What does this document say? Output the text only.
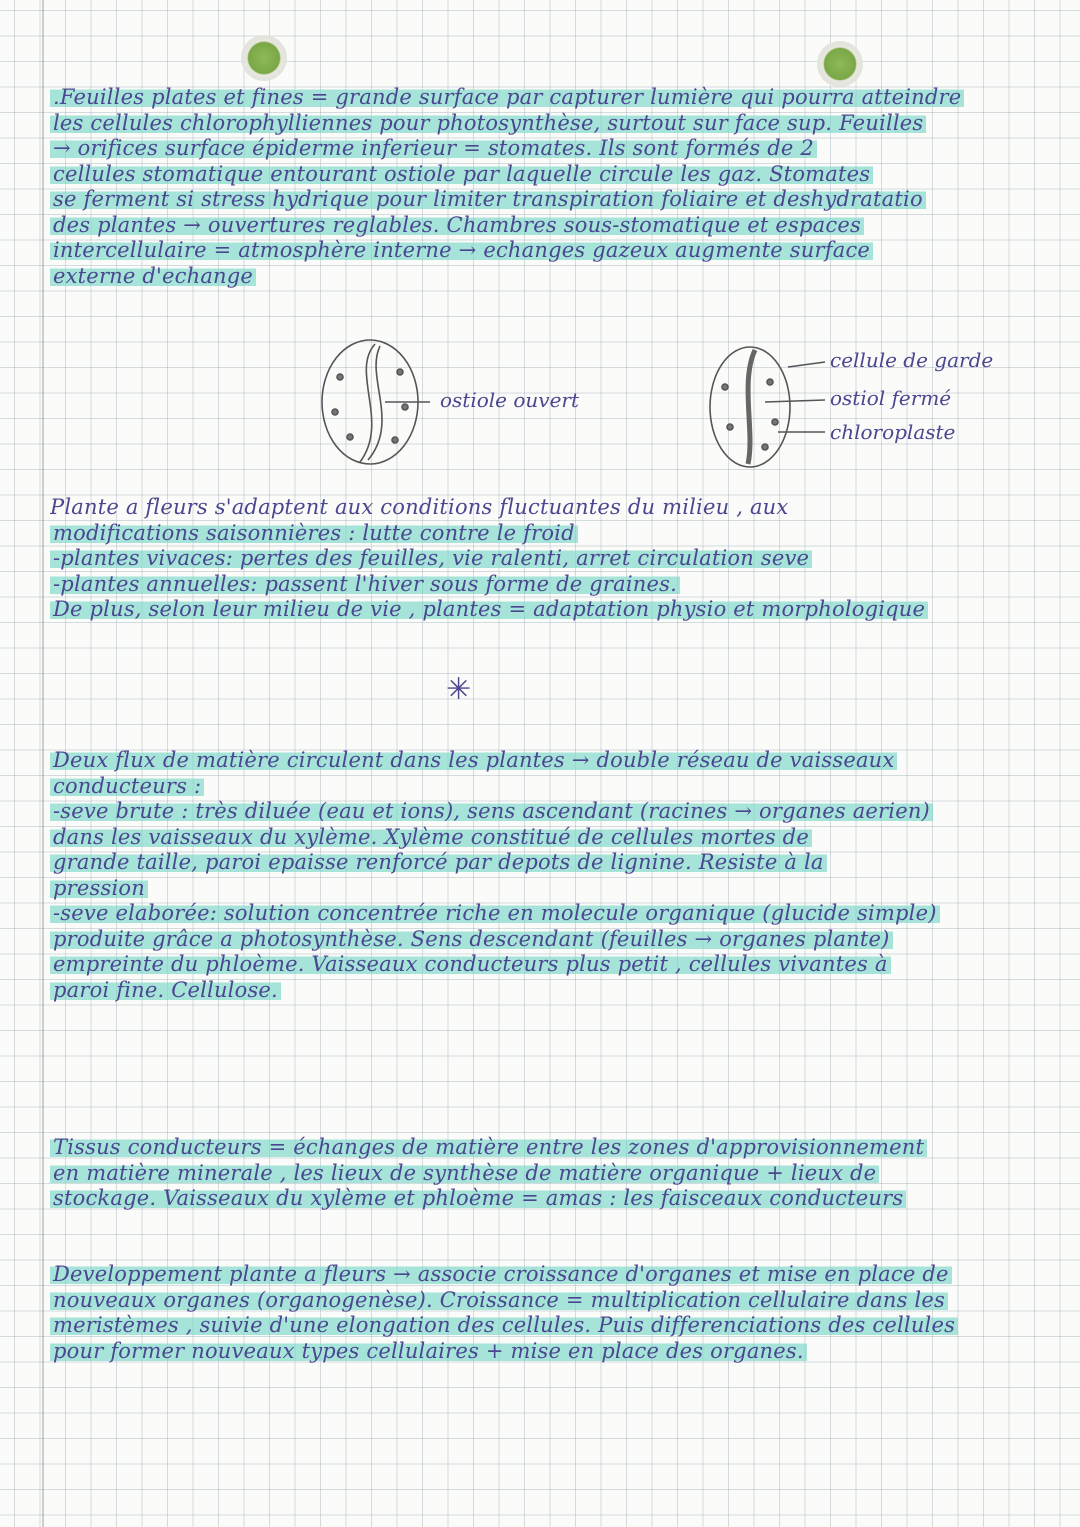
.Feuilles plates et fines = grande surface par capturer lumière qui pourra atteindre
les cellules chlorophylliennes pour photosynthèse, surtout sur face sup. Feuilles
→ orifices surface épiderme inferieur = stomates. Ils sont formés de 2
cellules stomatique entourant ostiole par laquelle circule les gaz. Stomates
se ferment si stress hydrique pour limiter transpiration foliaire et deshydratatio
des plantes → ouvertures reglables. Chambres sous-stomatique et espaces
intercellulaire = atmosphère interne → echanges gazeux augmente surface
externe d'echange
ostiole ouvert
cellule de garde
ostiol fermé
chloroplaste
Plante a fleurs s'adaptent aux conditions fluctuantes du milieu , aux
modifications saisonnières : lutte contre le froid
-plantes vivaces: pertes des feuilles, vie ralenti, arret circulation seve
-plantes annuelles: passent l'hiver sous forme de graines.
De plus, selon leur milieu de vie , plantes = adaptation physio et morphologique
✳
Deux flux de matière circulent dans les plantes → double réseau de vaisseaux
conducteurs :
-seve brute : très diluée (eau et ions), sens ascendant (racines → organes aerien)
dans les vaisseaux du xylème. Xylème constitué de cellules mortes de
grande taille, paroi epaisse renforcé par depots de lignine. Resiste à la
pression
-seve elaborée: solution concentrée riche en molecule organique (glucide simple)
produite grâce a photosynthèse. Sens descendant (feuilles → organes plante)
empreinte du phloème. Vaisseaux conducteurs plus petit , cellules vivantes à
paroi fine. Cellulose.
Tissus conducteurs = échanges de matière entre les zones d'approvisionnement
en matière minerale , les lieux de synthèse de matière organique + lieux de
stockage. Vaisseaux du xylème et phloème = amas : les faisceaux conducteurs
Developpement plante a fleurs → associe croissance d'organes et mise en place de
nouveaux organes (organogenèse). Croissance = multiplication cellulaire dans les
meristèmes , suivie d'une elongation des cellules. Puis differenciations des cellules
pour former nouveaux types cellulaires + mise en place des organes.
